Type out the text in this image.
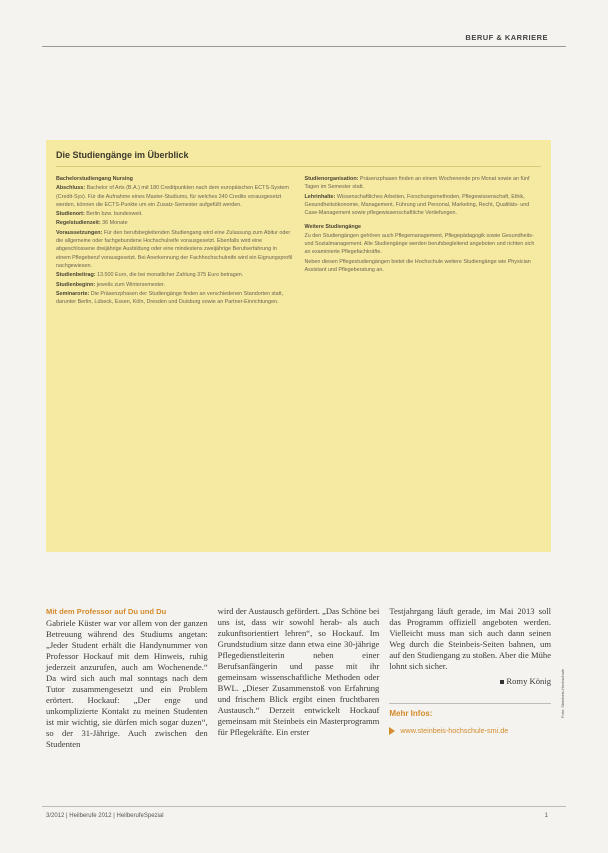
BERUF & KARRIERE
Die Studiengänge im Überblick

Bachelorstudiengang Nursing

Abschluss: Bachelor of Arts (B.A.) mit 180 Creditpunkten nach dem europäischen ECTS-System (Credit-Sys). Für die Aufnahme eines Master-Studiums, für welches 240 Credits vorausgesetzt werden, können die ECTS-Punkte um ein Zusatz-Semester aufgefüllt werden.

Studienort: Berlin bzw. bundesweit.

Regelstudienzeit: 36 Monate

Voraussetzungen: Für den berufsbegleitenden Studiengang wird eine Zulassung zum Abitur oder die allgemeine oder fachgebundene Hochschulreife vorausgesetzt. Ebenfalls wird eine abgeschlossene dreijährige Ausbildung oder eine mindestens zweijährige Berufserfahrung in einem Pflegeberuf vorausgesetzt. Bei Anerkennung der Fachhochschulreife wird ein Eignungsprofil nachgewiesen.

Studienbeitrag: 13.500 Euro, die bei monatlicher Zahlung 375 Euro betragen.

Studienbeginn: jeweils zum Wintersemester.

Seminarorte: Die Präsenzphasen der Studiengänge finden an verschiedenen Standorten statt, darunter Berlin, Lübeck, Essen, Köln, Dresden und Duisburg sowie an Partner-Einrichtungen.

Studienorganisation: Präsenzphasen finden an einem Wochenende pro Monat sowie an fünf Tagen im Semester statt.

Lehrinhalte: Wissenschaftliches Arbeiten, Forschungsmethoden, Pflegewissenschaft, Ethik, Gesundheitsökonomie, Management, Führung und Personal, Marketing, Recht, Qualitäts- und Case-Management sowie pflegewissenschaftliche Vertiefungen.

Weitere Studiengänge

Zu den Studiengängen gehören auch Pflegemanagement, Pflegepädagogik sowie Gesundheits- und Sozialmanagement. Alle Studiengänge werden berufsbegleitend angeboten und richten sich an examinierte Pflegefachkräfte.

Neben diesen Pflegestudiengängen bietet die Hochschule weitere Studiengänge wie Physician Assistant und Pflegeberatung an.

Mit dem Professor auf Du und Du

Gabriele Küster war vor allem von der ganzen Betreuung während des Studiums angetan: „Jeder Student erhält die Handynummer von Professor Hockauf mit dem Hinweis, ruhig jederzeit anzurufen, auch am Wochenende.“ Da wird sich auch mal sonntags nach dem Tutor zusammengesetzt und ein Problem erörtert. Hockauf: „Der enge und unkomplizierte Kontakt zu meinen Studenten ist mir wichtig, sie dürfen mich sogar duzen“, so der 31-Jährige. Auch zwischen den Studenten

wird der Austausch gefördert. „Das Schöne bei uns ist, dass wir sowohl herab- als auch zukunftsorientiert lehren“, so Hockauf. Im Grundstudium sitze dann etwa eine 30-jährige Pflegedienstleiterin neben einer Berufsanfängerin und passe mit ihr gemeinsam wissenschaftliche Methoden oder BWL. „Dieser Zusammenstoß von Erfahrung und frischem Blick ergibt einen fruchtbaren Austausch.“ Derzeit entwickelt Hockauf gemeinsam mit Steinbeis ein Masterprogramm für Pflegekräfte. Ein erster

Testjahrgang läuft gerade, im Mai 2013 soll das Programm offiziell angeboten werden. Vielleicht muss man sich auch dann seinen Weg durch die Steinbeis-Seiten bahnen, um auf den Studiengang zu stoßen. Aber die Mühe lohnt sich sicher.

Romy König
Mehr Infos:
www.steinbeis-hochschule-smi.de
Foto: Steinbeis-Hochschule
3/2012 | Heilberufe 2012 | HeilberufeSpezial	1
